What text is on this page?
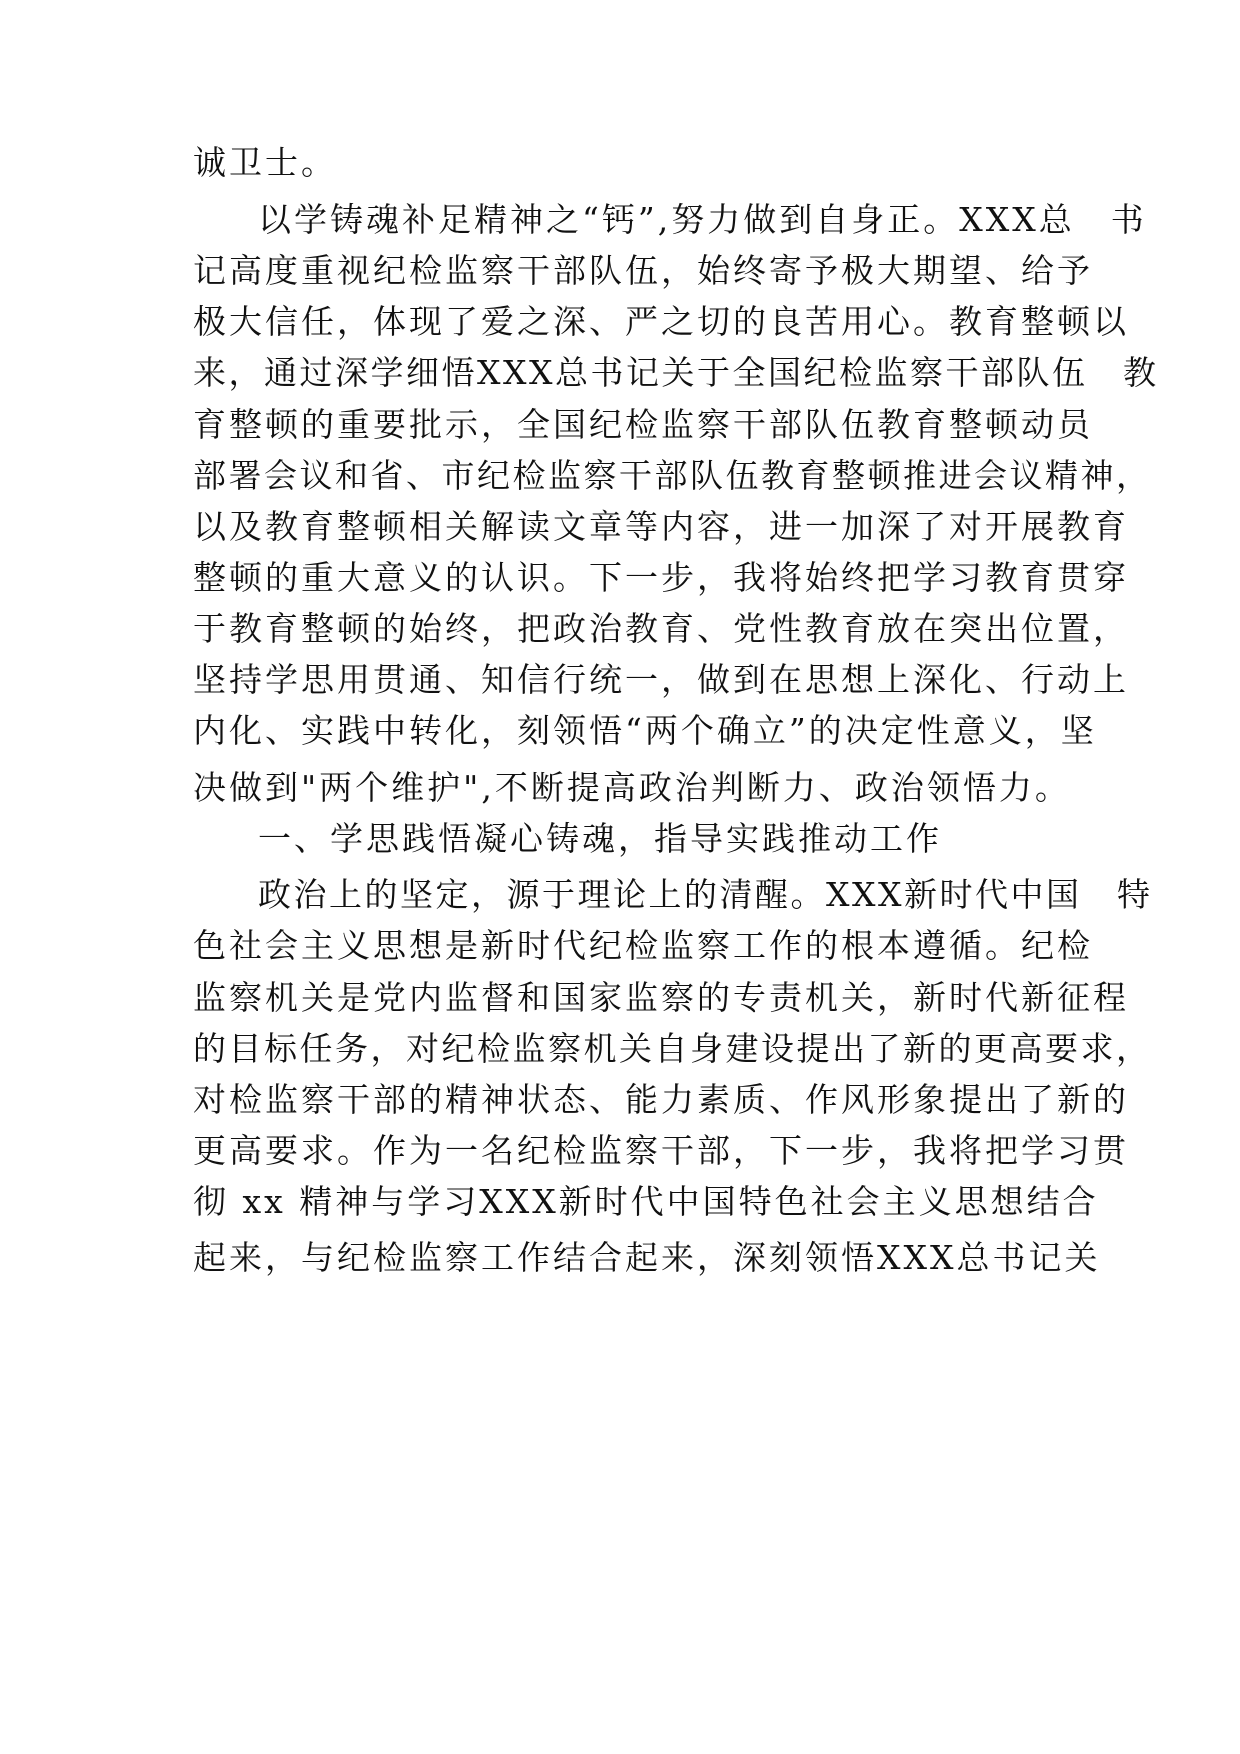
诚卫士。

以学铸魂补足精神之“钙”,努力做到自身正。XXX总　书

记高度重视纪检监察干部队伍，始终寄予极大期望、给予

极大信任，体现了爱之深、严之切的良苦用心。教育整顿以

来，通过深学细悟XXX总书记关于全国纪检监察干部队伍　教

育整顿的重要批示，全国纪检监察干部队伍教育整顿动员

部署会议和省、市纪检监察干部队伍教育整顿推进会议精神，

以及教育整顿相关解读文章等内容，进一加深了对开展教育

整顿的重大意义的认识。下一步，我将始终把学习教育贯穿

于教育整顿的始终，把政治教育、党性教育放在突出位置，

坚持学思用贯通、知信行统一，做到在思想上深化、行动上

内化、实践中转化，刻领悟“两个确立”的决定性意义，坚

决做到"两个维护",不断提高政治判断力、政治领悟力。

一、学思践悟凝心铸魂，指导实践推动工作

政治上的坚定，源于理论上的清醒。XXX新时代中国　特

色社会主义思想是新时代纪检监察工作的根本遵循。纪检

监察机关是党内监督和国家监察的专责机关，新时代新征程

的目标任务，对纪检监察机关自身建设提出了新的更高要求，

对检监察干部的精神状态、能力素质、作风形象提出了新的

更高要求。作为一名纪检监察干部，下一步，我将把学习贯

彻 xx 精神与学习XXX新时代中国特色社会主义思想结合

起来，与纪检监察工作结合起来，深刻领悟XXX总书记关
